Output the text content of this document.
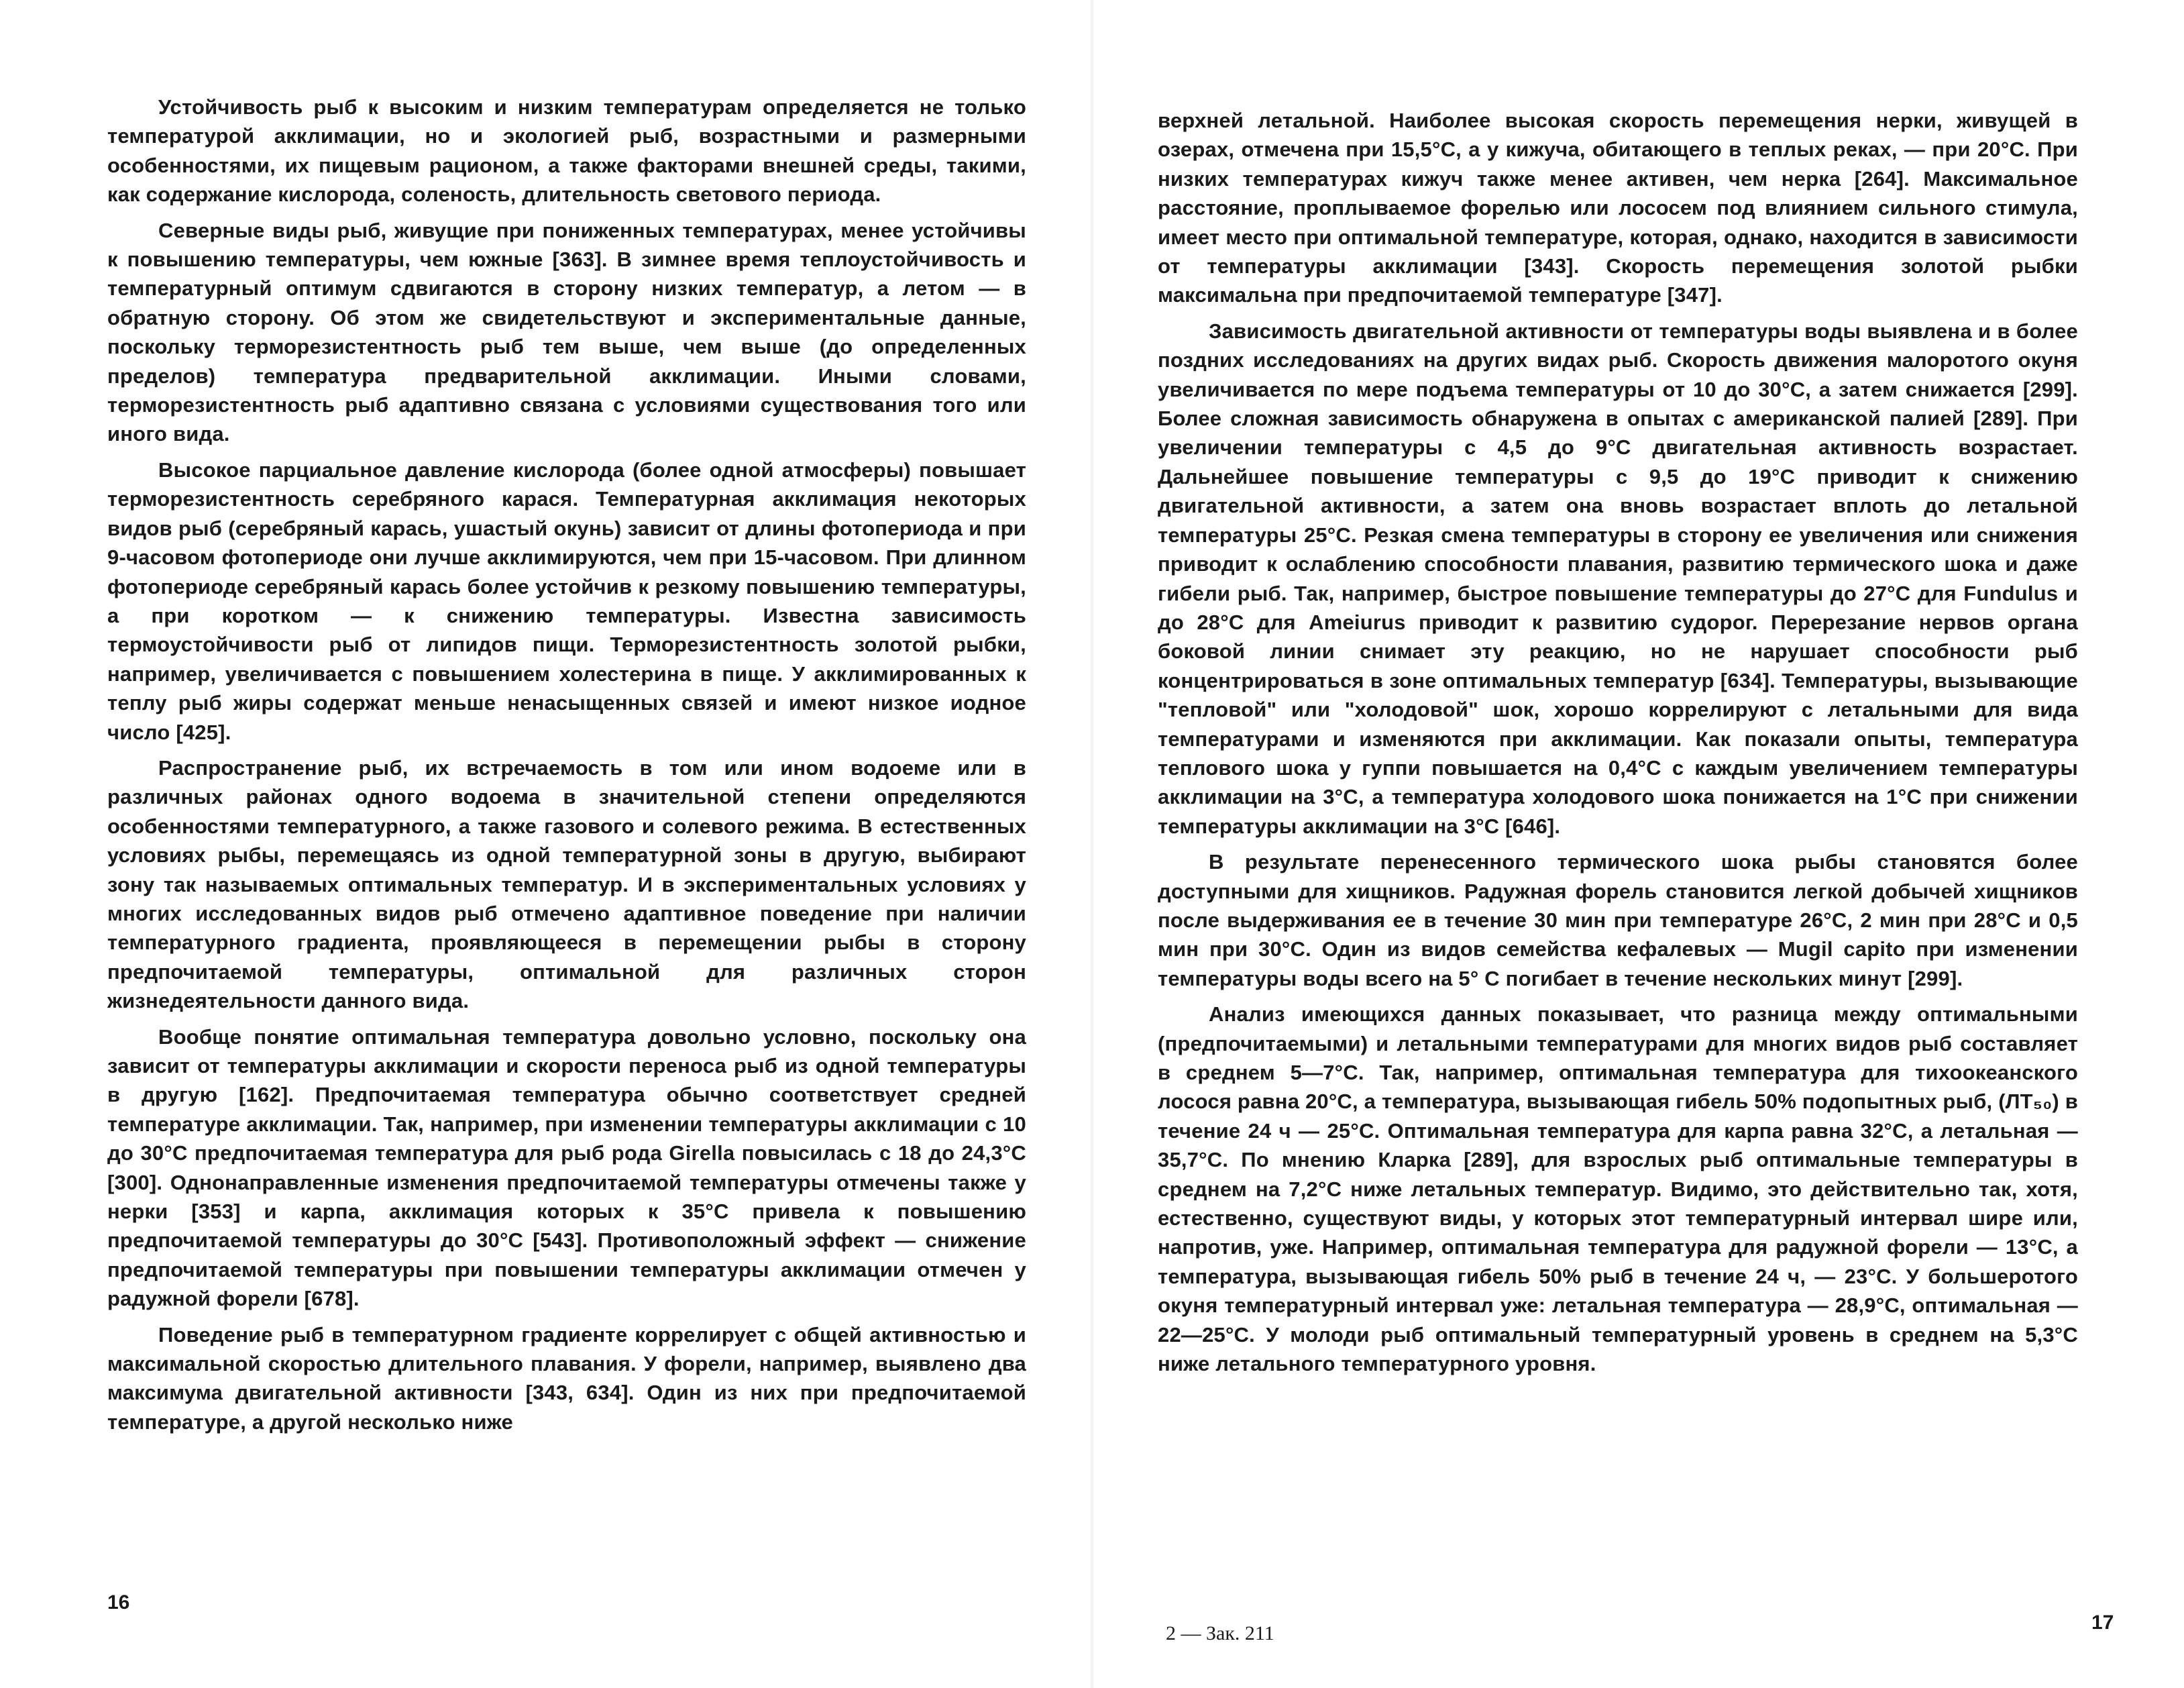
Устойчивость рыб к высоким и низким температурам определяется не только температурой акклимации, но и экологией рыб, возрастными и размерными особенностями, их пищевым рационом, а также факторами внешней среды, такими, как содержание кислорода, соленость, длительность светового периода.

Северные виды рыб, живущие при пониженных температурах, менее устойчивы к повышению температуры, чем южные [363]. В зимнее время теплоустойчивость и температурный оптимум сдвигаются в сторону низких температур, а летом — в обратную сторону. Об этом же свидетельствуют и экспериментальные данные, поскольку терморезистентность рыб тем выше, чем выше (до определенных пределов) температура предварительной акклимации. Иными словами, терморезистентность рыб адаптивно связана с условиями существования того или иного вида.

Высокое парциальное давление кислорода (более одной атмосферы) повышает терморезистентность серебряного карася. Температурная акклимация некоторых видов рыб (серебряный карась, ушастый окунь) зависит от длины фотопериода и при 9-часовом фотопериоде они лучше акклимируются, чем при 15-часовом. При длинном фотопериоде серебряный карась более устойчив к резкому повышению температуры, а при коротком — к снижению температуры. Известна зависимость термоустойчивости рыб от липидов пищи. Терморезистентность золотой рыбки, например, увеличивается с повышением холестерина в пище. У акклимированных к теплу рыб жиры содержат меньше ненасыщенных связей и имеют низкое иодное число [425].

Распространение рыб, их встречаемость в том или ином водоеме или в различных районах одного водоема в значительной степени определяются особенностями температурного, а также газового и солевого режима. В естественных условиях рыбы, перемещаясь из одной температурной зоны в другую, выбирают зону так называемых оптимальных температур. И в экспериментальных условиях у многих исследованных видов рыб отмечено адаптивное поведение при наличии температурного градиента, проявляющееся в перемещении рыбы в сторону предпочитаемой температуры, оптимальной для различных сторон жизнедеятельности данного вида.

Вообще понятие оптимальная температура довольно условно, поскольку она зависит от температуры акклимации и скорости переноса рыб из одной температуры в другую [162]. Предпочитаемая температура обычно соответствует средней температуре акклимации. Так, например, при изменении температуры акклимации с 10 до 30°С предпочитаемая температура для рыб рода Girella повысилась с 18 до 24,3°С [300]. Однонаправленные изменения предпочитаемой температуры отмечены также у нерки [353] и карпа, акклимация которых к 35°С привела к повышению предпочитаемой температуры до 30°С [543]. Противоположный эффект — снижение предпочитаемой температуры при повышении температуры акклимации отмечен у радужной форели [678].

Поведение рыб в температурном градиенте коррелирует с общей активностью и максимальной скоростью длительного плавания. У форели, например, выявлено два максимума двигательной активности [343, 634]. Один из них при предпочитаемой температуре, а другой несколько ниже

16

верхней летальной. Наиболее высокая скорость перемещения нерки, живущей в озерах, отмечена при 15,5°С, а у кижуча, обитающего в теплых реках, — при 20°С. При низких температурах кижуч также менее активен, чем нерка [264]. Максимальное расстояние, проплываемое форелью или лососем под влиянием сильного стимула, имеет место при оптимальной температуре, которая, однако, находится в зависимости от температуры акклимации [343]. Скорость перемещения золотой рыбки максимальна при предпочитаемой температуре [347].

Зависимость двигательной активности от температуры воды выявлена и в более поздних исследованиях на других видах рыб. Скорость движения малоротого окуня увеличивается по мере подъема температуры от 10 до 30°С, а затем снижается [299]. Более сложная зависимость обнаружена в опытах с американской палией [289]. При увеличении температуры с 4,5 до 9°С двигательная активность возрастает. Дальнейшее повышение температуры с 9,5 до 19°С приводит к снижению двигательной активности, а затем она вновь возрастает вплоть до летальной температуры 25°С. Резкая смена температуры в сторону ее увеличения или снижения приводит к ослаблению способности плавания, развитию термического шока и даже гибели рыб. Так, например, быстрое повышение температуры до 27°С для Fundulus и до 28°С для Ameiurus приводит к развитию судорог. Перерезание нервов органа боковой линии снимает эту реакцию, но не нарушает способности рыб концентрироваться в зоне оптимальных температур [634]. Температуры, вызывающие "тепловой" или "холодовой" шок, хорошо коррелируют с летальными для вида температурами и изменяются при акклимации. Как показали опыты, температура теплового шока у гуппи повышается на 0,4°С с каждым увеличением температуры акклимации на 3°С, а температура холодового шока понижается на 1°С при снижении температуры акклимации на 3°С [646].

В результате перенесенного термического шока рыбы становятся более доступными для хищников. Радужная форель становится легкой добычей хищников после выдерживания ее в течение 30 мин при температуре 26°С, 2 мин при 28°С и 0,5 мин при 30°С. Один из видов семейства кефалевых — Mugil capito при изменении температуры воды всего на 5° С погибает в течение нескольких минут [299].

Анализ имеющихся данных показывает, что разница между оптимальными (предпочитаемыми) и летальными температурами для многих видов рыб составляет в среднем 5—7°С. Так, например, оптимальная температура для тихоокеанского лосося равна 20°С, а температура, вызывающая гибель 50% подопытных рыб, (ЛТ₅₀) в течение 24 ч — 25°С. Оптимальная температура для карпа равна 32°С, а летальная — 35,7°С. По мнению Кларка [289], для взрослых рыб оптимальные температуры в среднем на 7,2°С ниже летальных температур. Видимо, это действительно так, хотя, естественно, существуют виды, у которых этот температурный интервал шире или, напротив, уже. Например, оптимальная температура для радужной форели — 13°С, а температура, вызывающая гибель 50% рыб в течение 24 ч, — 23°С. У большеротого окуня температурный интервал уже: летальная температура — 28,9°С, оптимальная — 22—25°С. У молоди рыб оптимальный температурный уровень в среднем на 5,3°С ниже летального температурного уровня.

2 — Зак. 211	17
